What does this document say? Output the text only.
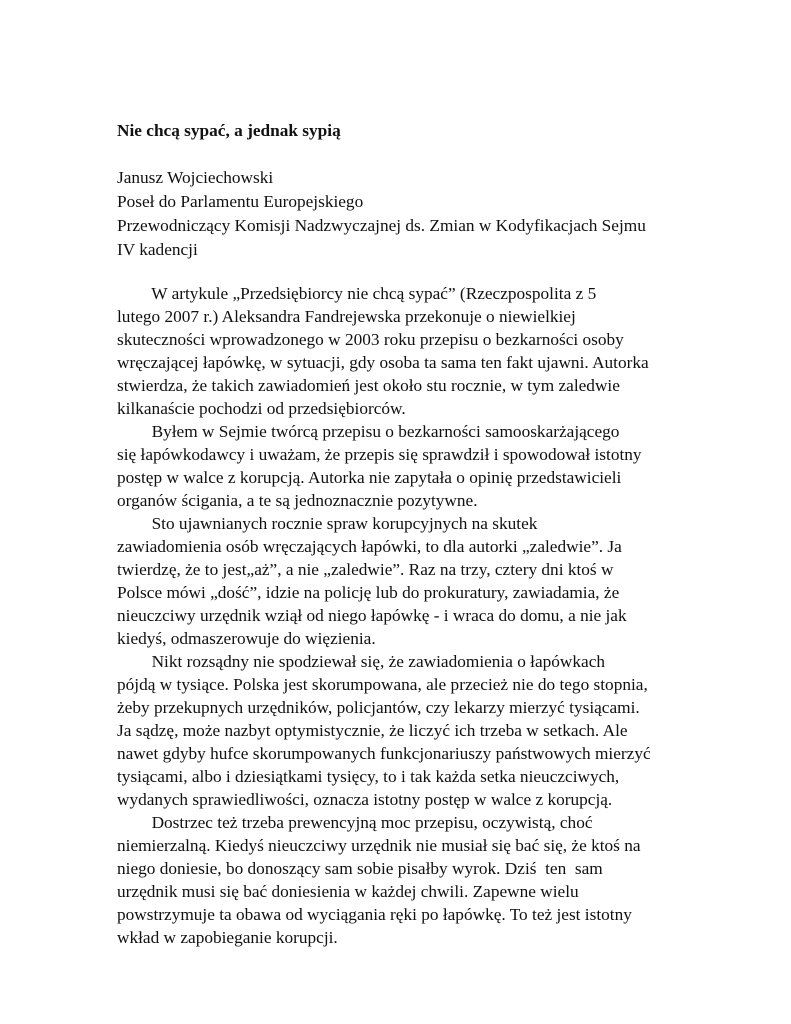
Nie chcą sypać, a jednak sypią
Janusz Wojciechowski
Poseł do Parlamentu Europejskiego
Przewodniczący Komisji Nadzwyczajnej ds. Zmian w Kodyfikacjach Sejmu
IV kadencji
W artykule „Przedsiębiorcy nie chcą sypać” (Rzeczpospolita z 5
lutego 2007 r.) Aleksandra Fandrejewska przekonuje o niewielkiej
skuteczności wprowadzonego w 2003 roku przepisu o bezkarności osoby
wręczającej łapówkę, w sytuacji, gdy osoba ta sama ten fakt ujawni. Autorka
stwierdza, że takich zawiadomień jest około stu rocznie, w tym zaledwie
kilkanaście pochodzi od przedsiębiorców.
Byłem w Sejmie twórcą przepisu o bezkarności samooskarżającego
się łapówkodawcy i uważam, że przepis się sprawdził i spowodował istotny
postęp w walce z korupcją. Autorka nie zapytała o opinię przedstawicieli
organów ścigania, a te są jednoznacznie pozytywne.
Sto ujawnianych rocznie spraw korupcyjnych na skutek
zawiadomienia osób wręczających łapówki, to dla autorki „zaledwie”. Ja
twierdzę, że to jest„aż”, a nie „zaledwie”. Raz na trzy, cztery dni ktoś w
Polsce mówi „dość”, idzie na policję lub do prokuratury, zawiadamia, że
nieuczciwy urzędnik wziął od niego łapówkę - i wraca do domu, a nie jak
kiedyś, odmaszerowuje do więzienia.
Nikt rozsądny nie spodziewał się, że zawiadomienia o łapówkach
pójdą w tysiące. Polska jest skorumpowana, ale przecież nie do tego stopnia,
żeby przekupnych urzędników, policjantów, czy lekarzy mierzyć tysiącami.
Ja sądzę, może nazbyt optymistycznie, że liczyć ich trzeba w setkach. Ale
nawet gdyby hufce skorumpowanych funkcjonariuszy państwowych mierzyć
tysiącami, albo i dziesiątkami tysięcy, to i tak każda setka nieuczciwych,
wydanych sprawiedliwości, oznacza istotny postęp w walce z korupcją.
Dostrzec też trzeba prewencyjną moc przepisu, oczywistą, choć
niemierzalną. Kiedyś nieuczciwy urzędnik nie musiał się bać się, że ktoś na
niego doniesie, bo donoszący sam sobie pisałby wyrok. Dziś  ten  sam
urzędnik musi się bać doniesienia w każdej chwili. Zapewne wielu
powstrzymuje ta obawa od wyciągania ręki po łapówkę. To też jest istotny
wkład w zapobieganie korupcji.
